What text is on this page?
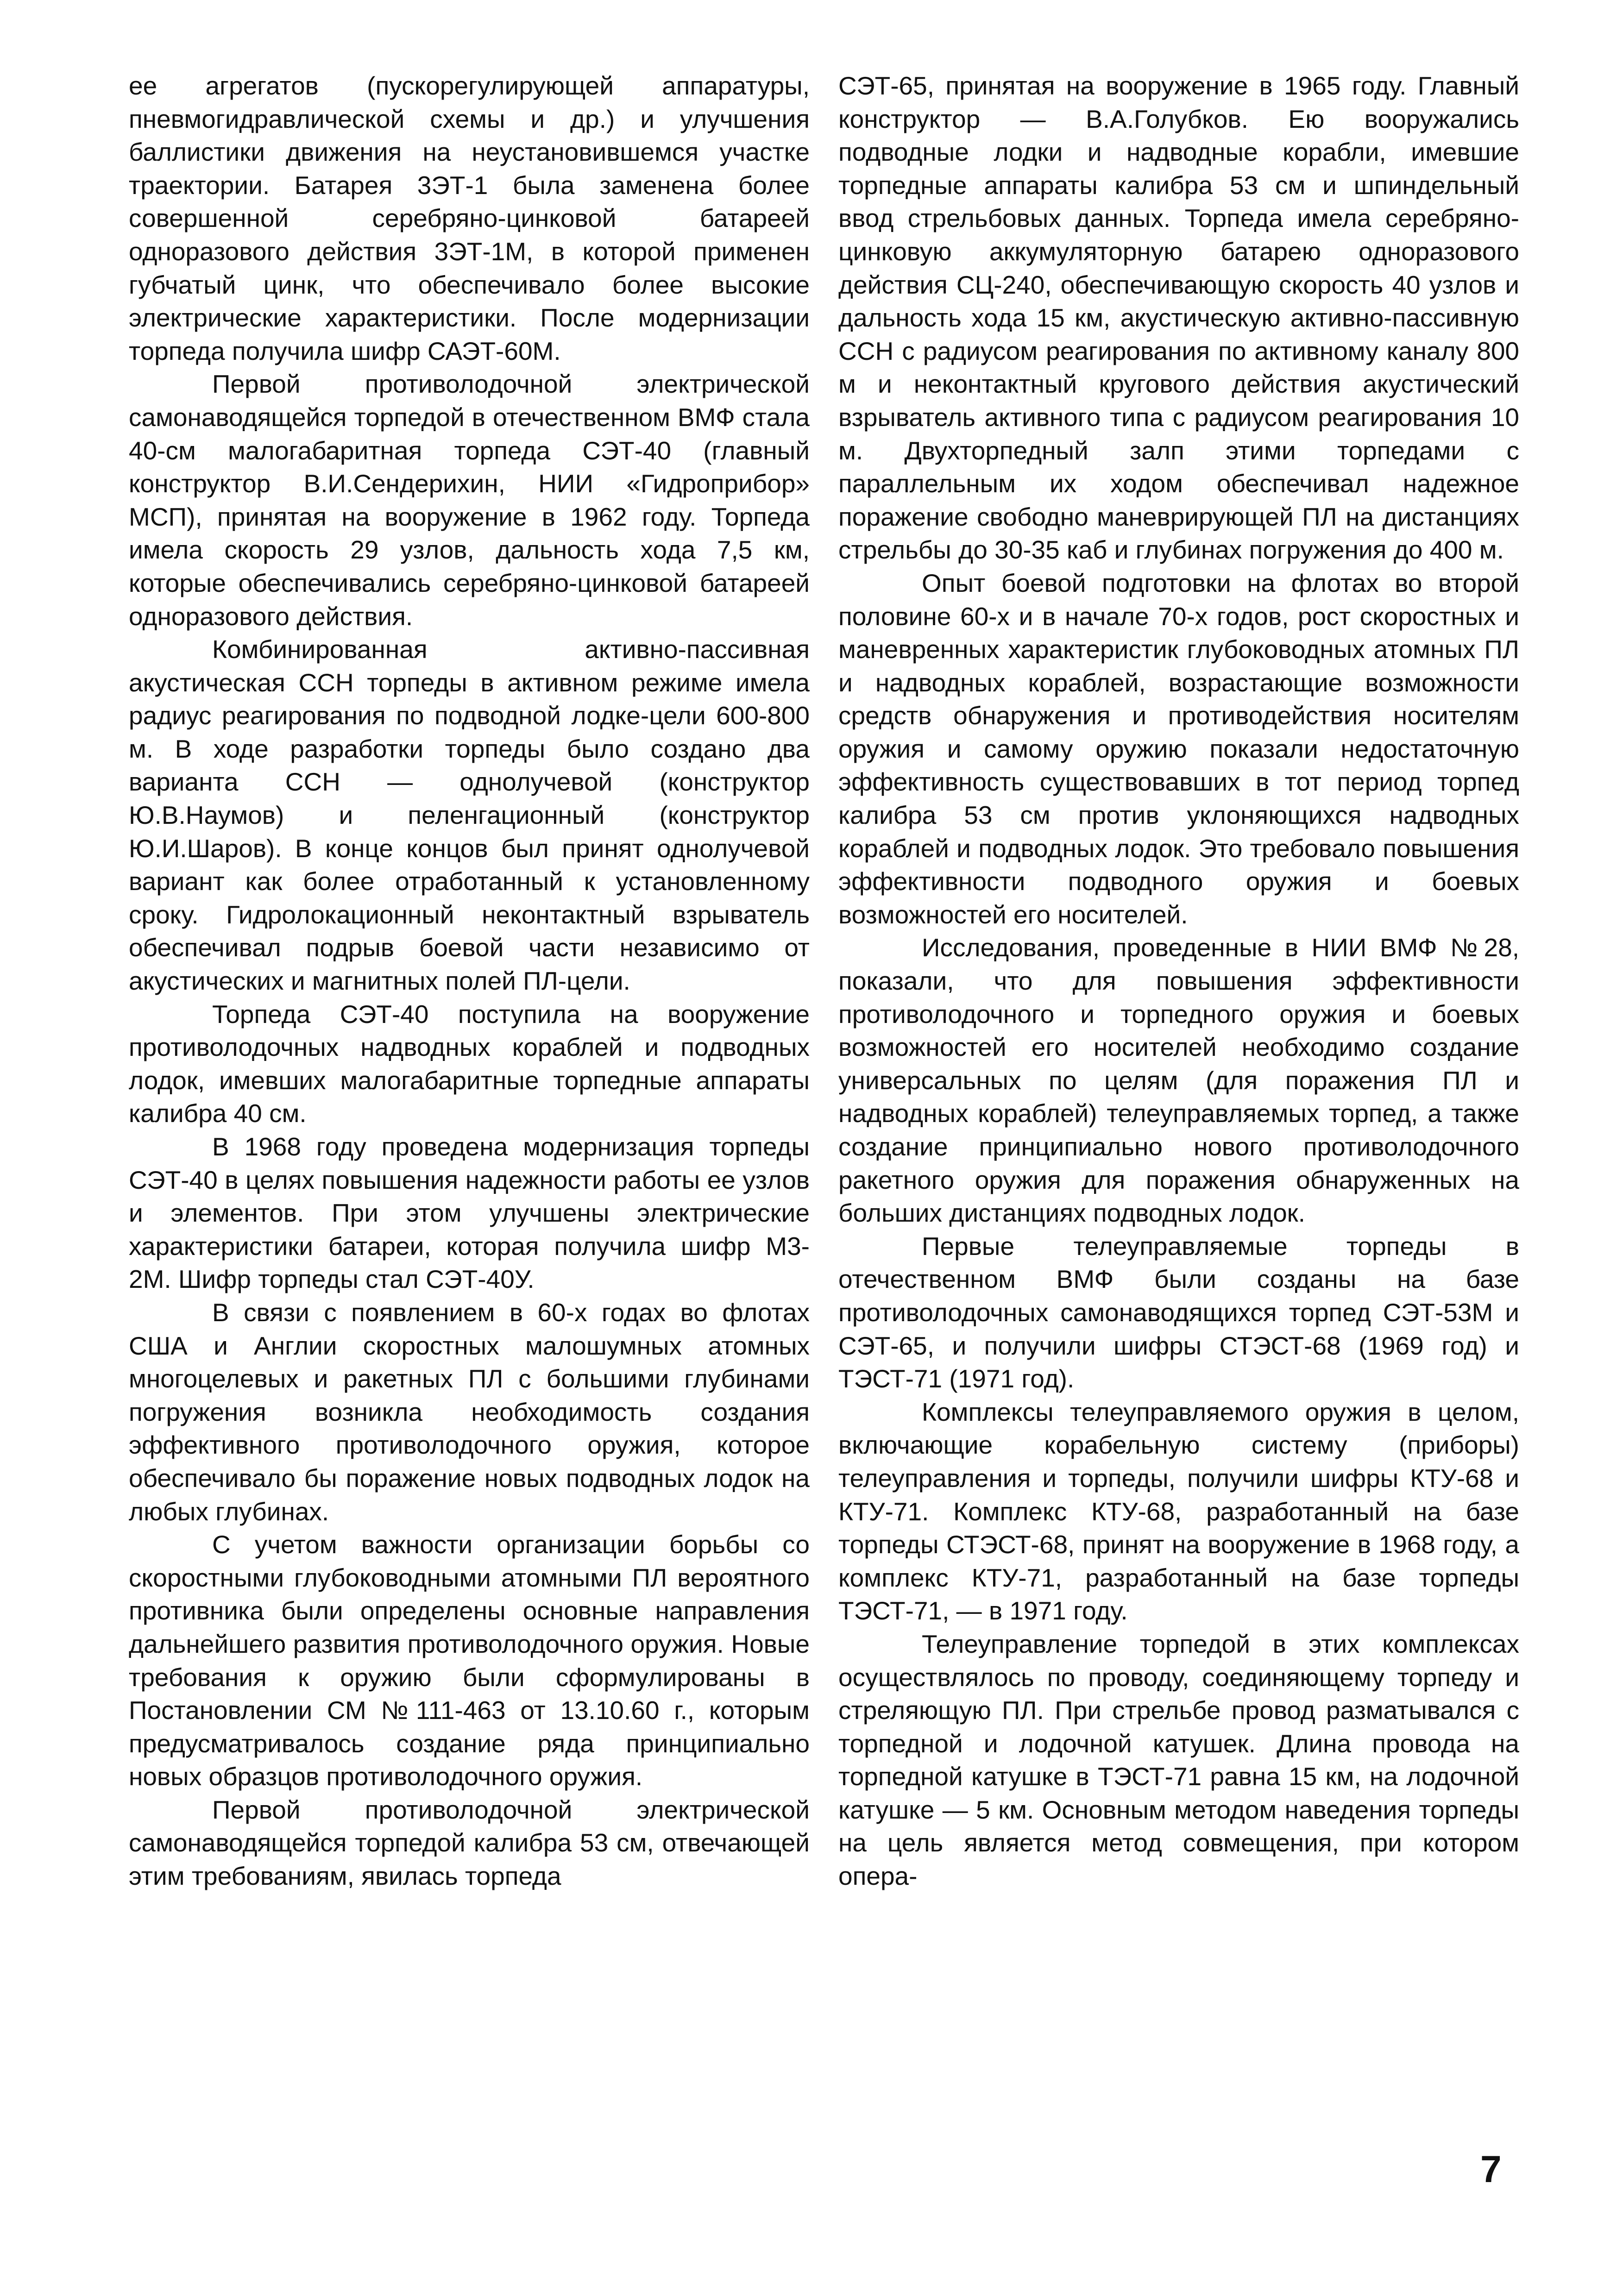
ее агрегатов (пускорегулирующей аппаратуры, пневмогидравлической схемы и др.) и улучшения баллистики движения на неустановившемся участке траектории. Батарея 3ЭТ-1 была заменена более совершенной серебряно-цинковой батареей одноразового действия 3ЭТ-1М, в которой применен губчатый цинк, что обеспечивало более высокие электрические характеристики. После модернизации торпеда получила шифр САЭТ-60М.

Первой противолодочной электрической самонаводящейся торпедой в отечественном ВМФ стала 40-см малогабаритная торпеда СЭТ-40 (главный конструктор В.И.Сендерихин, НИИ «Гидроприбор» МСП), принятая на вооружение в 1962 году. Торпеда имела скорость 29 узлов, дальность хода 7,5 км, которые обеспечивались серебряно-цинковой батареей одноразового действия.

Комбинированная активно-пассивная акустическая ССН торпеды в активном режиме имела радиус реагирования по подводной лодке-цели 600-800 м. В ходе разработки торпеды было создано два варианта ССН — однолучевой (конструктор Ю.В.Наумов) и пеленгационный (конструктор Ю.И.Шаров). В конце концов был принят однолучевой вариант как более отработанный к установленному сроку. Гидролокационный неконтактный взрыватель обеспечивал подрыв боевой части независимо от акустических и магнитных полей ПЛ-цели.

Торпеда СЭТ-40 поступила на вооружение противолодочных надводных кораблей и подводных лодок, имевших малогабаритные торпедные аппараты калибра 40 см.

В 1968 году проведена модернизация торпеды СЭТ-40 в целях повышения надежности работы ее узлов и элементов. При этом улучшены электрические характеристики батареи, которая получила шифр М3-2М. Шифр торпеды стал СЭТ-40У.

В связи с появлением в 60-х годах во флотах США и Англии скоростных малошумных атомных многоцелевых и ракетных ПЛ с большими глубинами погружения возникла необходимость создания эффективного противолодочного оружия, которое обеспечивало бы поражение новых подводных лодок на любых глубинах.

С учетом важности организации борьбы со скоростными глубоководными атомными ПЛ вероятного противника были определены основные направления дальнейшего развития противолодочного оружия. Новые требования к оружию были сформулированы в Постановлении СМ №111-463 от 13.10.60 г., которым предусматривалось создание ряда принципиально новых образцов противолодочного оружия.

Первой противолодочной электрической самонаводящейся торпедой калибра 53 см, отвечающей этим требованиям, явилась торпеда

СЭТ-65, принятая на вооружение в 1965 году. Главный конструктор — В.А.Голубков. Ею вооружались подводные лодки и надводные корабли, имевшие торпедные аппараты калибра 53 см и шпиндельный ввод стрельбовых данных. Торпеда имела серебряно-цинковую аккумуляторную батарею одноразового действия СЦ-240, обеспечивающую скорость 40 узлов и дальность хода 15 км, акустическую активно-пассивную ССН с радиусом реагирования по активному каналу 800 м и неконтактный кругового действия акустический взрыватель активного типа с радиусом реагирования 10 м. Двухторпедный залп этими торпедами с параллельным их ходом обеспечивал надежное поражение свободно маневрирующей ПЛ на дистанциях стрельбы до 30-35 каб и глубинах погружения до 400 м.

Опыт боевой подготовки на флотах во второй половине 60-х и в начале 70-х годов, рост скоростных и маневренных характеристик глубоководных атомных ПЛ и надводных кораблей, возрастающие возможности средств обнаружения и противодействия носителям оружия и самому оружию показали недостаточную эффективность существовавших в тот период торпед калибра 53 см против уклоняющихся надводных кораблей и подводных лодок. Это требовало повышения эффективности подводного оружия и боевых возможностей его носителей.

Исследования, проведенные в НИИ ВМФ №28, показали, что для повышения эффективности противолодочного и торпедного оружия и боевых возможностей его носителей необходимо создание универсальных по целям (для поражения ПЛ и надводных кораблей) телеуправляемых торпед, а также создание принципиально нового противолодочного ракетного оружия для поражения обнаруженных на больших дистанциях подводных лодок.

Первые телеуправляемые торпеды в отечественном ВМФ были созданы на базе противолодочных самонаводящихся торпед СЭТ-53М и СЭТ-65, и получили шифры СТЭСТ-68 (1969 год) и ТЭСТ-71 (1971 год).

Комплексы телеуправляемого оружия в целом, включающие корабельную систему (приборы) телеуправления и торпеды, получили шифры КТУ-68 и КТУ-71. Комплекс КТУ-68, разработанный на базе торпеды СТЭСТ-68, принят на вооружение в 1968 году, а комплекс КТУ-71, разработанный на базе торпеды ТЭСТ-71, — в 1971 году.

Телеуправление торпедой в этих комплексах осуществлялось по проводу, соединяющему торпеду и стреляющую ПЛ. При стрельбе провод разматывался с торпедной и лодочной катушек. Длина провода на торпедной катушке в ТЭСТ-71 равна 15 км, на лодочной катушке — 5 км. Основным методом наведения торпеды на цель является метод совмещения, при котором опера-

7
